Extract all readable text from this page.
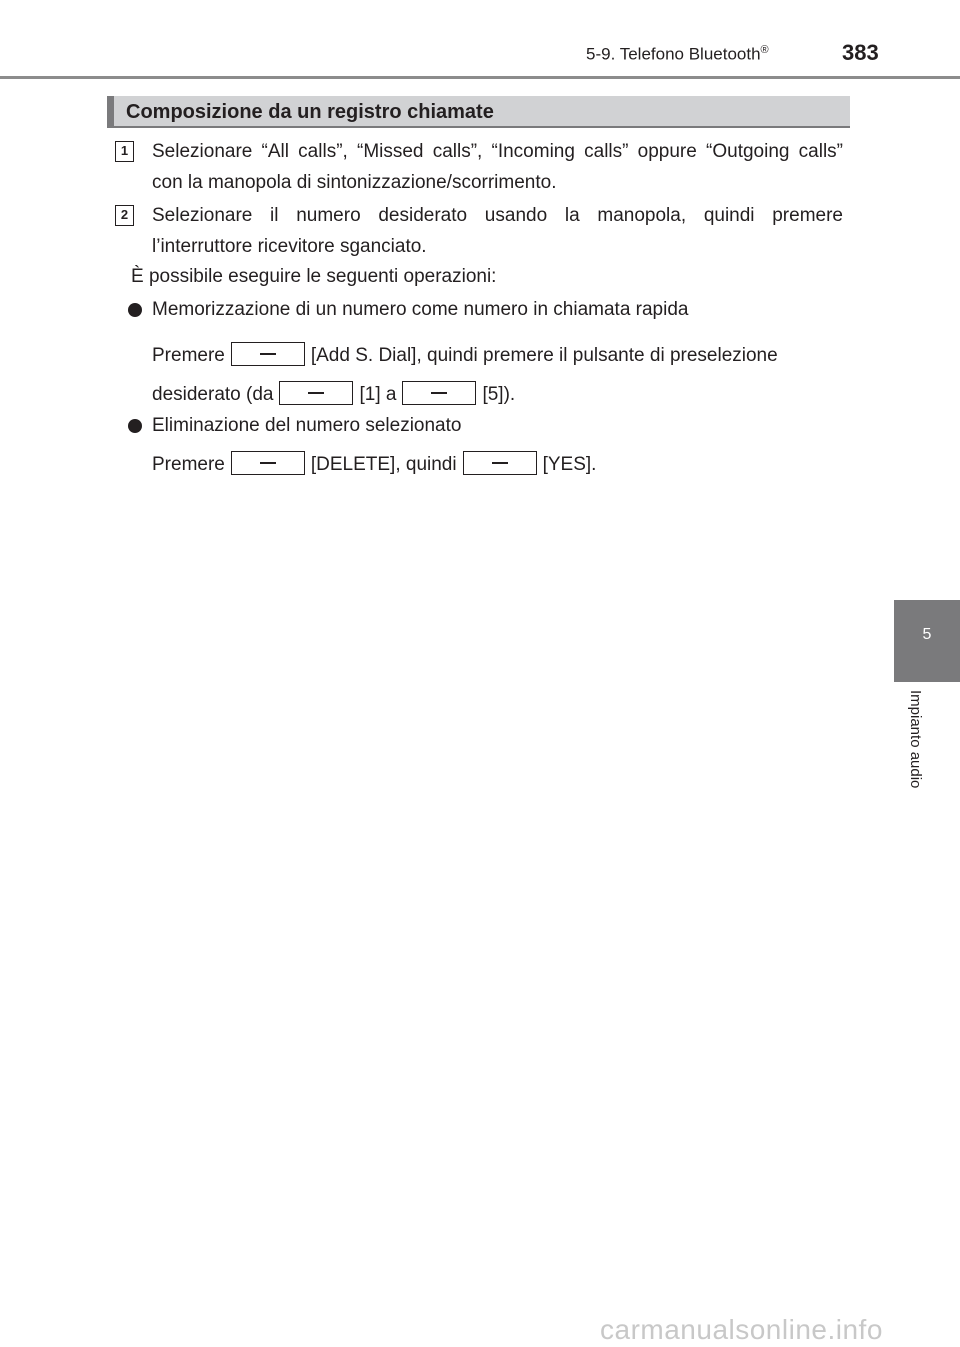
5-9. Telefono Bluetooth®	383
Composizione da un registro chiamate
1	Selezionare “All calls”, “Missed calls”, “Incoming calls” oppure “Outgoing calls” con la manopola di sintonizzazione/scorrimento.
2	Selezionare il numero desiderato usando la manopola, quindi premere l’interruttore ricevitore sganciato.
È possibile eseguire le seguenti operazioni:
Memorizzazione di un numero come numero in chiamata rapida
Premere	[Add S. Dial], quindi premere il pulsante di preselezione
desiderato (da	[1] a	[5]).
Eliminazione del numero selezionato
Premere	[DELETE], quindi	[YES].
5
Impianto audio
carmanualsonline.info
